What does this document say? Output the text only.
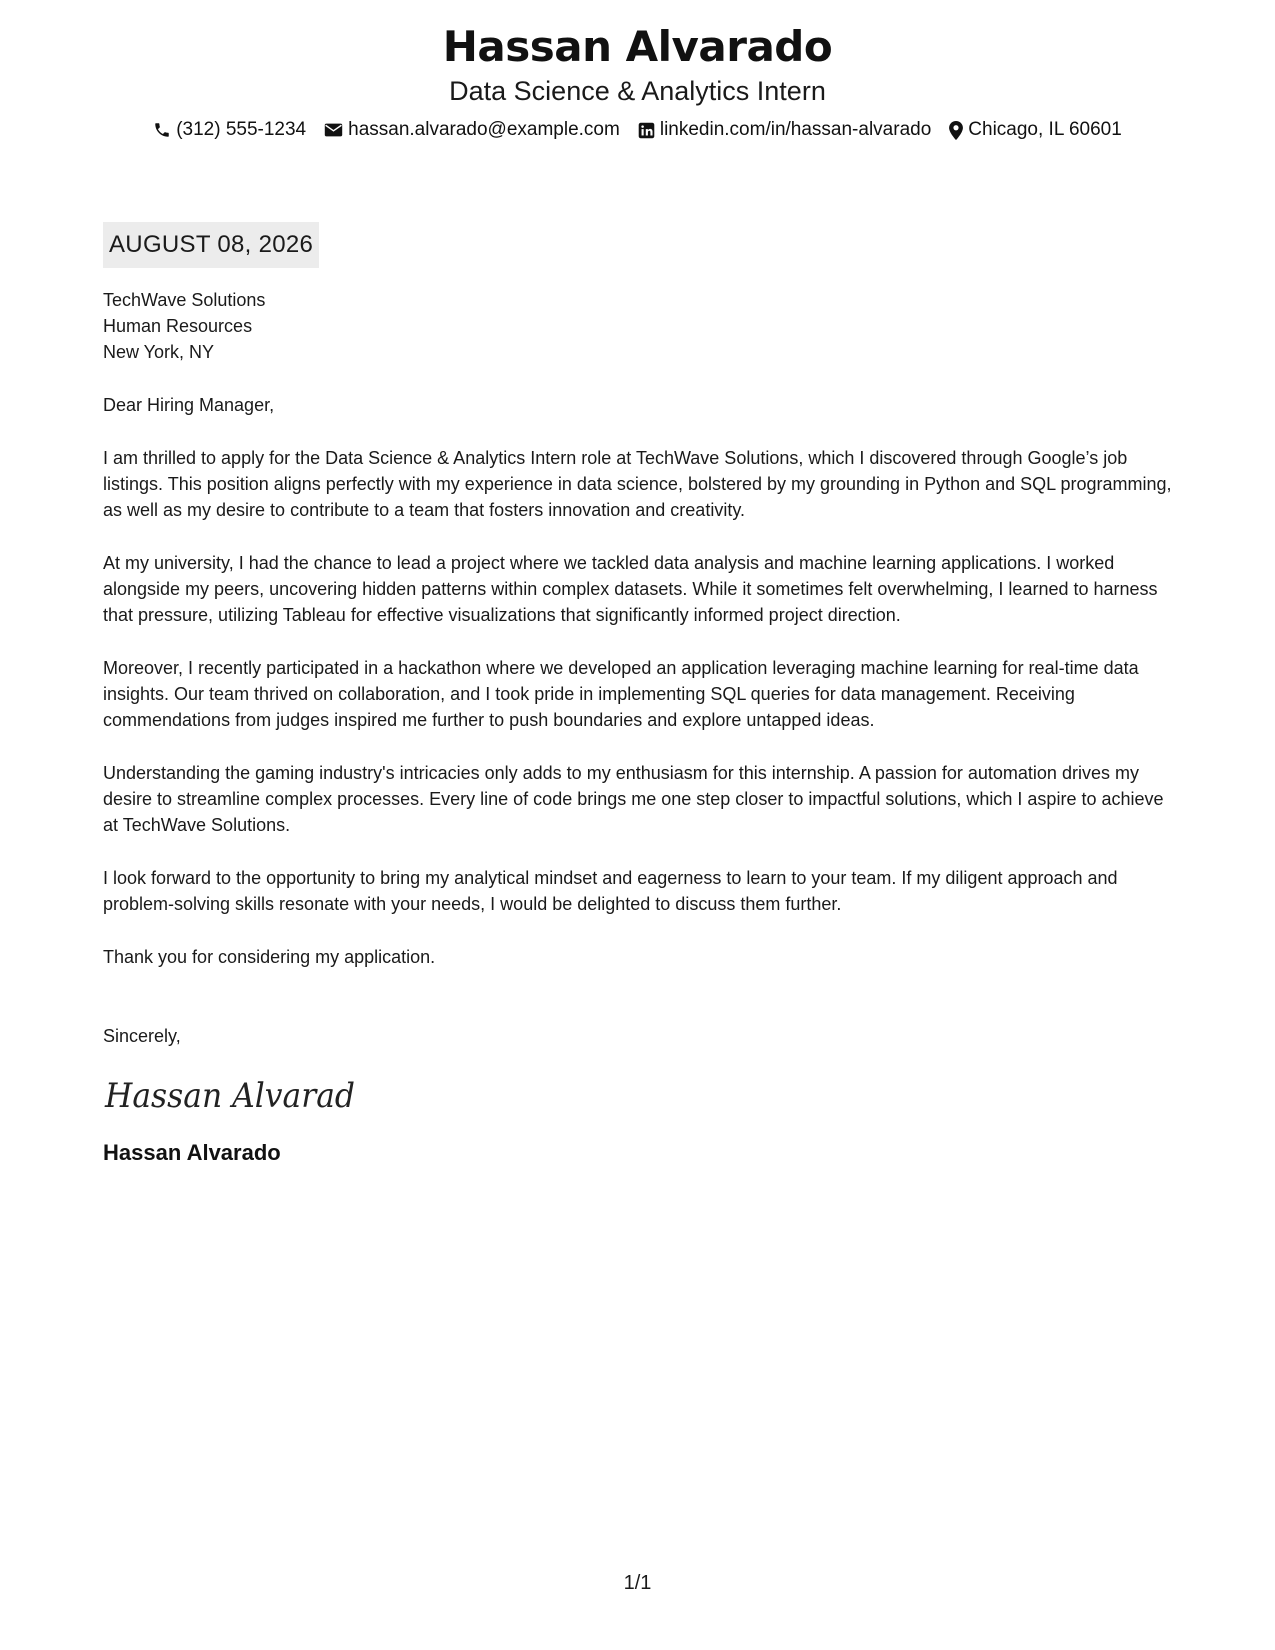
Hassan Alvarado
Data Science & Analytics Intern
(312) 555-1234 hassan.alvarado@example.com linkedin.com/in/hassan-alvarado Chicago, IL 60601
AUGUST 08, 2026
TechWave Solutions
Human Resources
New York, NY
Dear Hiring Manager,

I am thrilled to apply for the Data Science & Analytics Intern role at TechWave Solutions, which I discovered through Google’s job listings. This position aligns perfectly with my experience in data science, bolstered by my grounding in Python and SQL programming, as well as my desire to contribute to a team that fosters innovation and creativity.

At my university, I had the chance to lead a project where we tackled data analysis and machine learning applications. I worked alongside my peers, uncovering hidden patterns within complex datasets. While it sometimes felt overwhelming, I learned to harness that pressure, utilizing Tableau for effective visualizations that significantly informed project direction.

Moreover, I recently participated in a hackathon where we developed an application leveraging machine learning for real-time data insights. Our team thrived on collaboration, and I took pride in implementing SQL queries for data management. Receiving commendations from judges inspired me further to push boundaries and explore untapped ideas.

Understanding the gaming industry's intricacies only adds to my enthusiasm for this internship. A passion for automation drives my desire to streamline complex processes. Every line of code brings me one step closer to impactful solutions, which I aspire to achieve at TechWave Solutions.

I look forward to the opportunity to bring my analytical mindset and eagerness to learn to your team. If my diligent approach and problem-solving skills resonate with your needs, I would be delighted to discuss them further.

Thank you for considering my application.

Sincerely,
Hassan Alvarad
Hassan Alvarado
1/1
